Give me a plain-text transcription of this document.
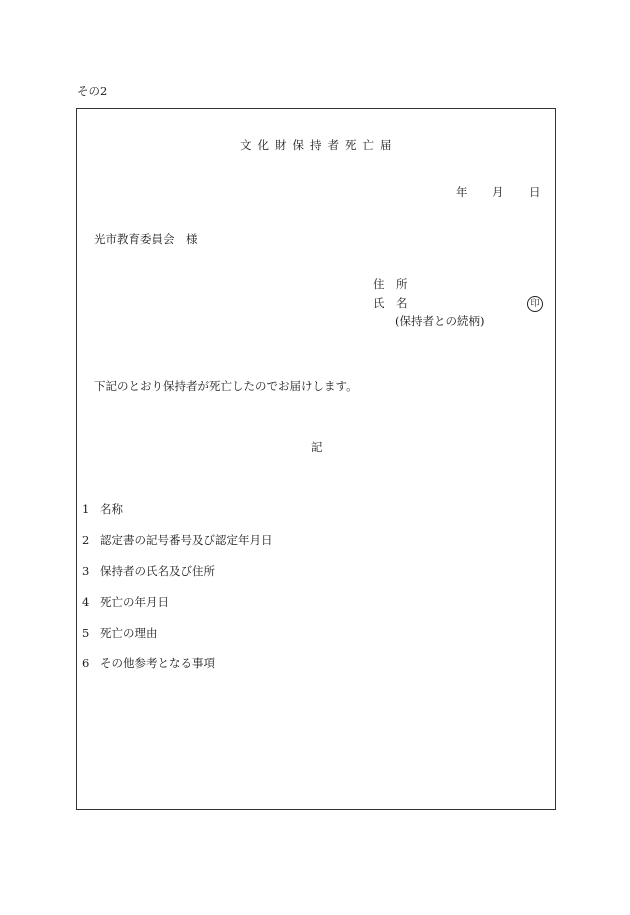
その2
文化財保持者死亡届
年 月 日
光市教育委員会　様
住　所
氏　名	印
(保持者との続柄)
下記のとおり保持者が死亡したのでお届けします。
記
1 名称
2 認定書の記号番号及び認定年月日
3 保持者の氏名及び住所
4 死亡の年月日
5 死亡の理由
6 その他参考となる事項
